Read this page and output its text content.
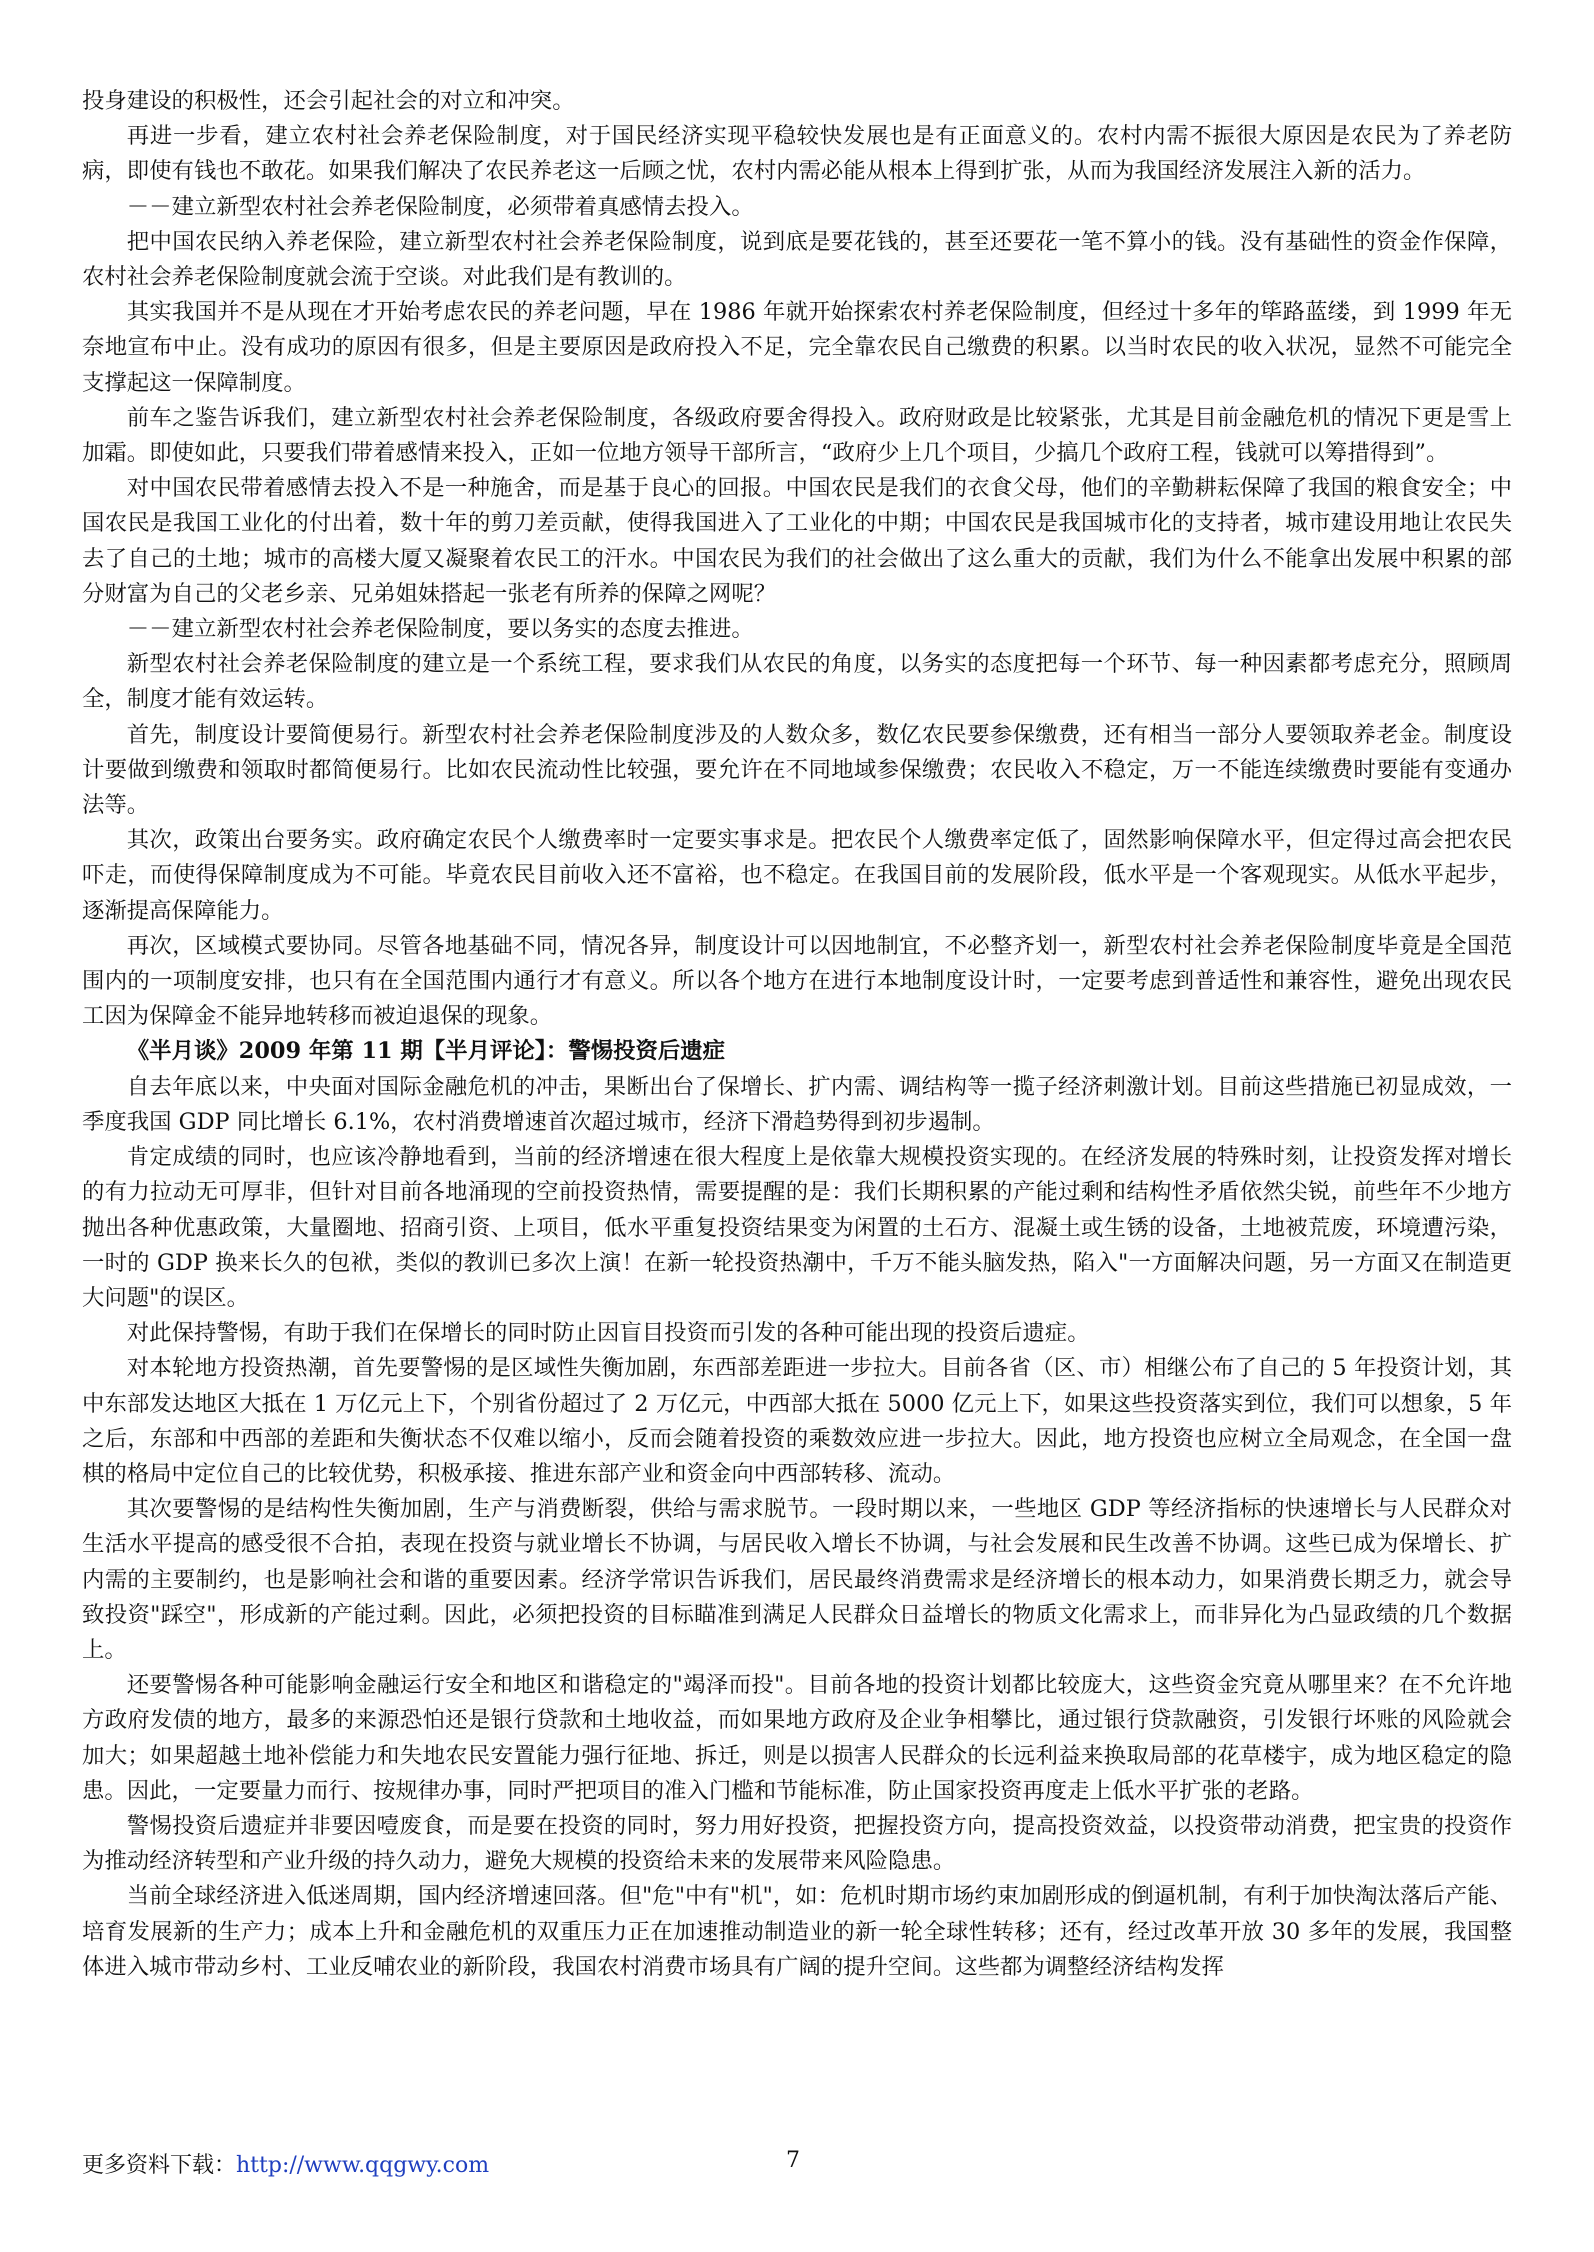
投身建设的积极性，还会引起社会的对立和冲突。

再进一步看，建立农村社会养老保险制度，对于国民经济实现平稳较快发展也是有正面意义的。农村内需不振很大原因是农民为了养老防病，即使有钱也不敢花。如果我们解决了农民养老这一后顾之忧，农村内需必能从根本上得到扩张，从而为我国经济发展注入新的活力。

－－建立新型农村社会养老保险制度，必须带着真感情去投入。

把中国农民纳入养老保险，建立新型农村社会养老保险制度，说到底是要花钱的，甚至还要花一笔不算小的钱。没有基础性的资金作保障，农村社会养老保险制度就会流于空谈。对此我们是有教训的。

其实我国并不是从现在才开始考虑农民的养老问题，早在 1986 年就开始探索农村养老保险制度，但经过十多年的筚路蓝缕，到 1999 年无奈地宣布中止。没有成功的原因有很多，但是主要原因是政府投入不足，完全靠农民自己缴费的积累。以当时农民的收入状况，显然不可能完全支撑起这一保障制度。

前车之鉴告诉我们，建立新型农村社会养老保险制度，各级政府要舍得投入。政府财政是比较紧张，尤其是目前金融危机的情况下更是雪上加霜。即使如此，只要我们带着感情来投入，正如一位地方领导干部所言，“政府少上几个项目，少搞几个政府工程，钱就可以筹措得到”。

对中国农民带着感情去投入不是一种施舍，而是基于良心的回报。中国农民是我们的衣食父母，他们的辛勤耕耘保障了我国的粮食安全；中国农民是我国工业化的付出着，数十年的剪刀差贡献，使得我国进入了工业化的中期；中国农民是我国城市化的支持者，城市建设用地让农民失去了自己的土地；城市的高楼大厦又凝聚着农民工的汗水。中国农民为我们的社会做出了这么重大的贡献，我们为什么不能拿出发展中积累的部分财富为自己的父老乡亲、兄弟姐妹搭起一张老有所养的保障之网呢？

－－建立新型农村社会养老保险制度，要以务实的态度去推进。

新型农村社会养老保险制度的建立是一个系统工程，要求我们从农民的角度，以务实的态度把每一个环节、每一种因素都考虑充分，照顾周全，制度才能有效运转。

首先，制度设计要简便易行。新型农村社会养老保险制度涉及的人数众多，数亿农民要参保缴费，还有相当一部分人要领取养老金。制度设计要做到缴费和领取时都简便易行。比如农民流动性比较强，要允许在不同地域参保缴费；农民收入不稳定，万一不能连续缴费时要能有变通办法等。

其次，政策出台要务实。政府确定农民个人缴费率时一定要实事求是。把农民个人缴费率定低了，固然影响保障水平，但定得过高会把农民吓走，而使得保障制度成为不可能。毕竟农民目前收入还不富裕，也不稳定。在我国目前的发展阶段，低水平是一个客观现实。从低水平起步，逐渐提高保障能力。

再次，区域模式要协同。尽管各地基础不同，情况各异，制度设计可以因地制宜，不必整齐划一，新型农村社会养老保险制度毕竟是全国范围内的一项制度安排，也只有在全国范围内通行才有意义。所以各个地方在进行本地制度设计时，一定要考虑到普适性和兼容性，避免出现农民工因为保障金不能异地转移而被迫退保的现象。

《半月谈》2009 年第 11 期【半月评论】：警惕投资后遗症

自去年底以来，中央面对国际金融危机的冲击，果断出台了保增长、扩内需、调结构等一揽子经济刺激计划。目前这些措施已初显成效，一季度我国 GDP 同比增长 6.1%，农村消费增速首次超过城市，经济下滑趋势得到初步遏制。

肯定成绩的同时，也应该冷静地看到，当前的经济增速在很大程度上是依靠大规模投资实现的。在经济发展的特殊时刻，让投资发挥对增长的有力拉动无可厚非，但针对目前各地涌现的空前投资热情，需要提醒的是：我们长期积累的产能过剩和结构性矛盾依然尖锐，前些年不少地方抛出各种优惠政策，大量圈地、招商引资、上项目，低水平重复投资结果变为闲置的土石方、混凝土或生锈的设备，土地被荒废，环境遭污染，一时的 GDP 换来长久的包袱，类似的教训已多次上演！在新一轮投资热潮中，千万不能头脑发热，陷入"一方面解决问题，另一方面又在制造更大问题"的误区。

对此保持警惕，有助于我们在保增长的同时防止因盲目投资而引发的各种可能出现的投资后遗症。

对本轮地方投资热潮，首先要警惕的是区域性失衡加剧，东西部差距进一步拉大。目前各省（区、市）相继公布了自己的 5 年投资计划，其中东部发达地区大抵在 1 万亿元上下，个别省份超过了 2 万亿元，中西部大抵在 5000 亿元上下，如果这些投资落实到位，我们可以想象，5 年之后，东部和中西部的差距和失衡状态不仅难以缩小，反而会随着投资的乘数效应进一步拉大。因此，地方投资也应树立全局观念，在全国一盘棋的格局中定位自己的比较优势，积极承接、推进东部产业和资金向中西部转移、流动。

其次要警惕的是结构性失衡加剧，生产与消费断裂，供给与需求脱节。一段时期以来，一些地区 GDP 等经济指标的快速增长与人民群众对生活水平提高的感受很不合拍，表现在投资与就业增长不协调，与居民收入增长不协调，与社会发展和民生改善不协调。这些已成为保增长、扩内需的主要制约，也是影响社会和谐的重要因素。经济学常识告诉我们，居民最终消费需求是经济增长的根本动力，如果消费长期乏力，就会导致投资"踩空"，形成新的产能过剩。因此，必须把投资的目标瞄准到满足人民群众日益增长的物质文化需求上，而非异化为凸显政绩的几个数据上。

还要警惕各种可能影响金融运行安全和地区和谐稳定的"竭泽而投"。目前各地的投资计划都比较庞大，这些资金究竟从哪里来？在不允许地方政府发债的地方，最多的来源恐怕还是银行贷款和土地收益，而如果地方政府及企业争相攀比，通过银行贷款融资，引发银行坏账的风险就会加大；如果超越土地补偿能力和失地农民安置能力强行征地、拆迁，则是以损害人民群众的长远利益来换取局部的花草楼宇，成为地区稳定的隐患。因此，一定要量力而行、按规律办事，同时严把项目的准入门槛和节能标准，防止国家投资再度走上低水平扩张的老路。

警惕投资后遗症并非要因噎废食，而是要在投资的同时，努力用好投资，把握投资方向，提高投资效益，以投资带动消费，把宝贵的投资作为推动经济转型和产业升级的持久动力，避免大规模的投资给未来的发展带来风险隐患。

当前全球经济进入低迷周期，国内经济增速回落。但"危"中有"机"，如：危机时期市场约束加剧形成的倒逼机制，有利于加快淘汰落后产能、培育发展新的生产力；成本上升和金融危机的双重压力正在加速推动制造业的新一轮全球性转移；还有，经过改革开放 30 多年的发展，我国整体进入城市带动乡村、工业反哺农业的新阶段，我国农村消费市场具有广阔的提升空间。这些都为调整经济结构发挥

更多资料下载：http://www.qqgwy.com	7
